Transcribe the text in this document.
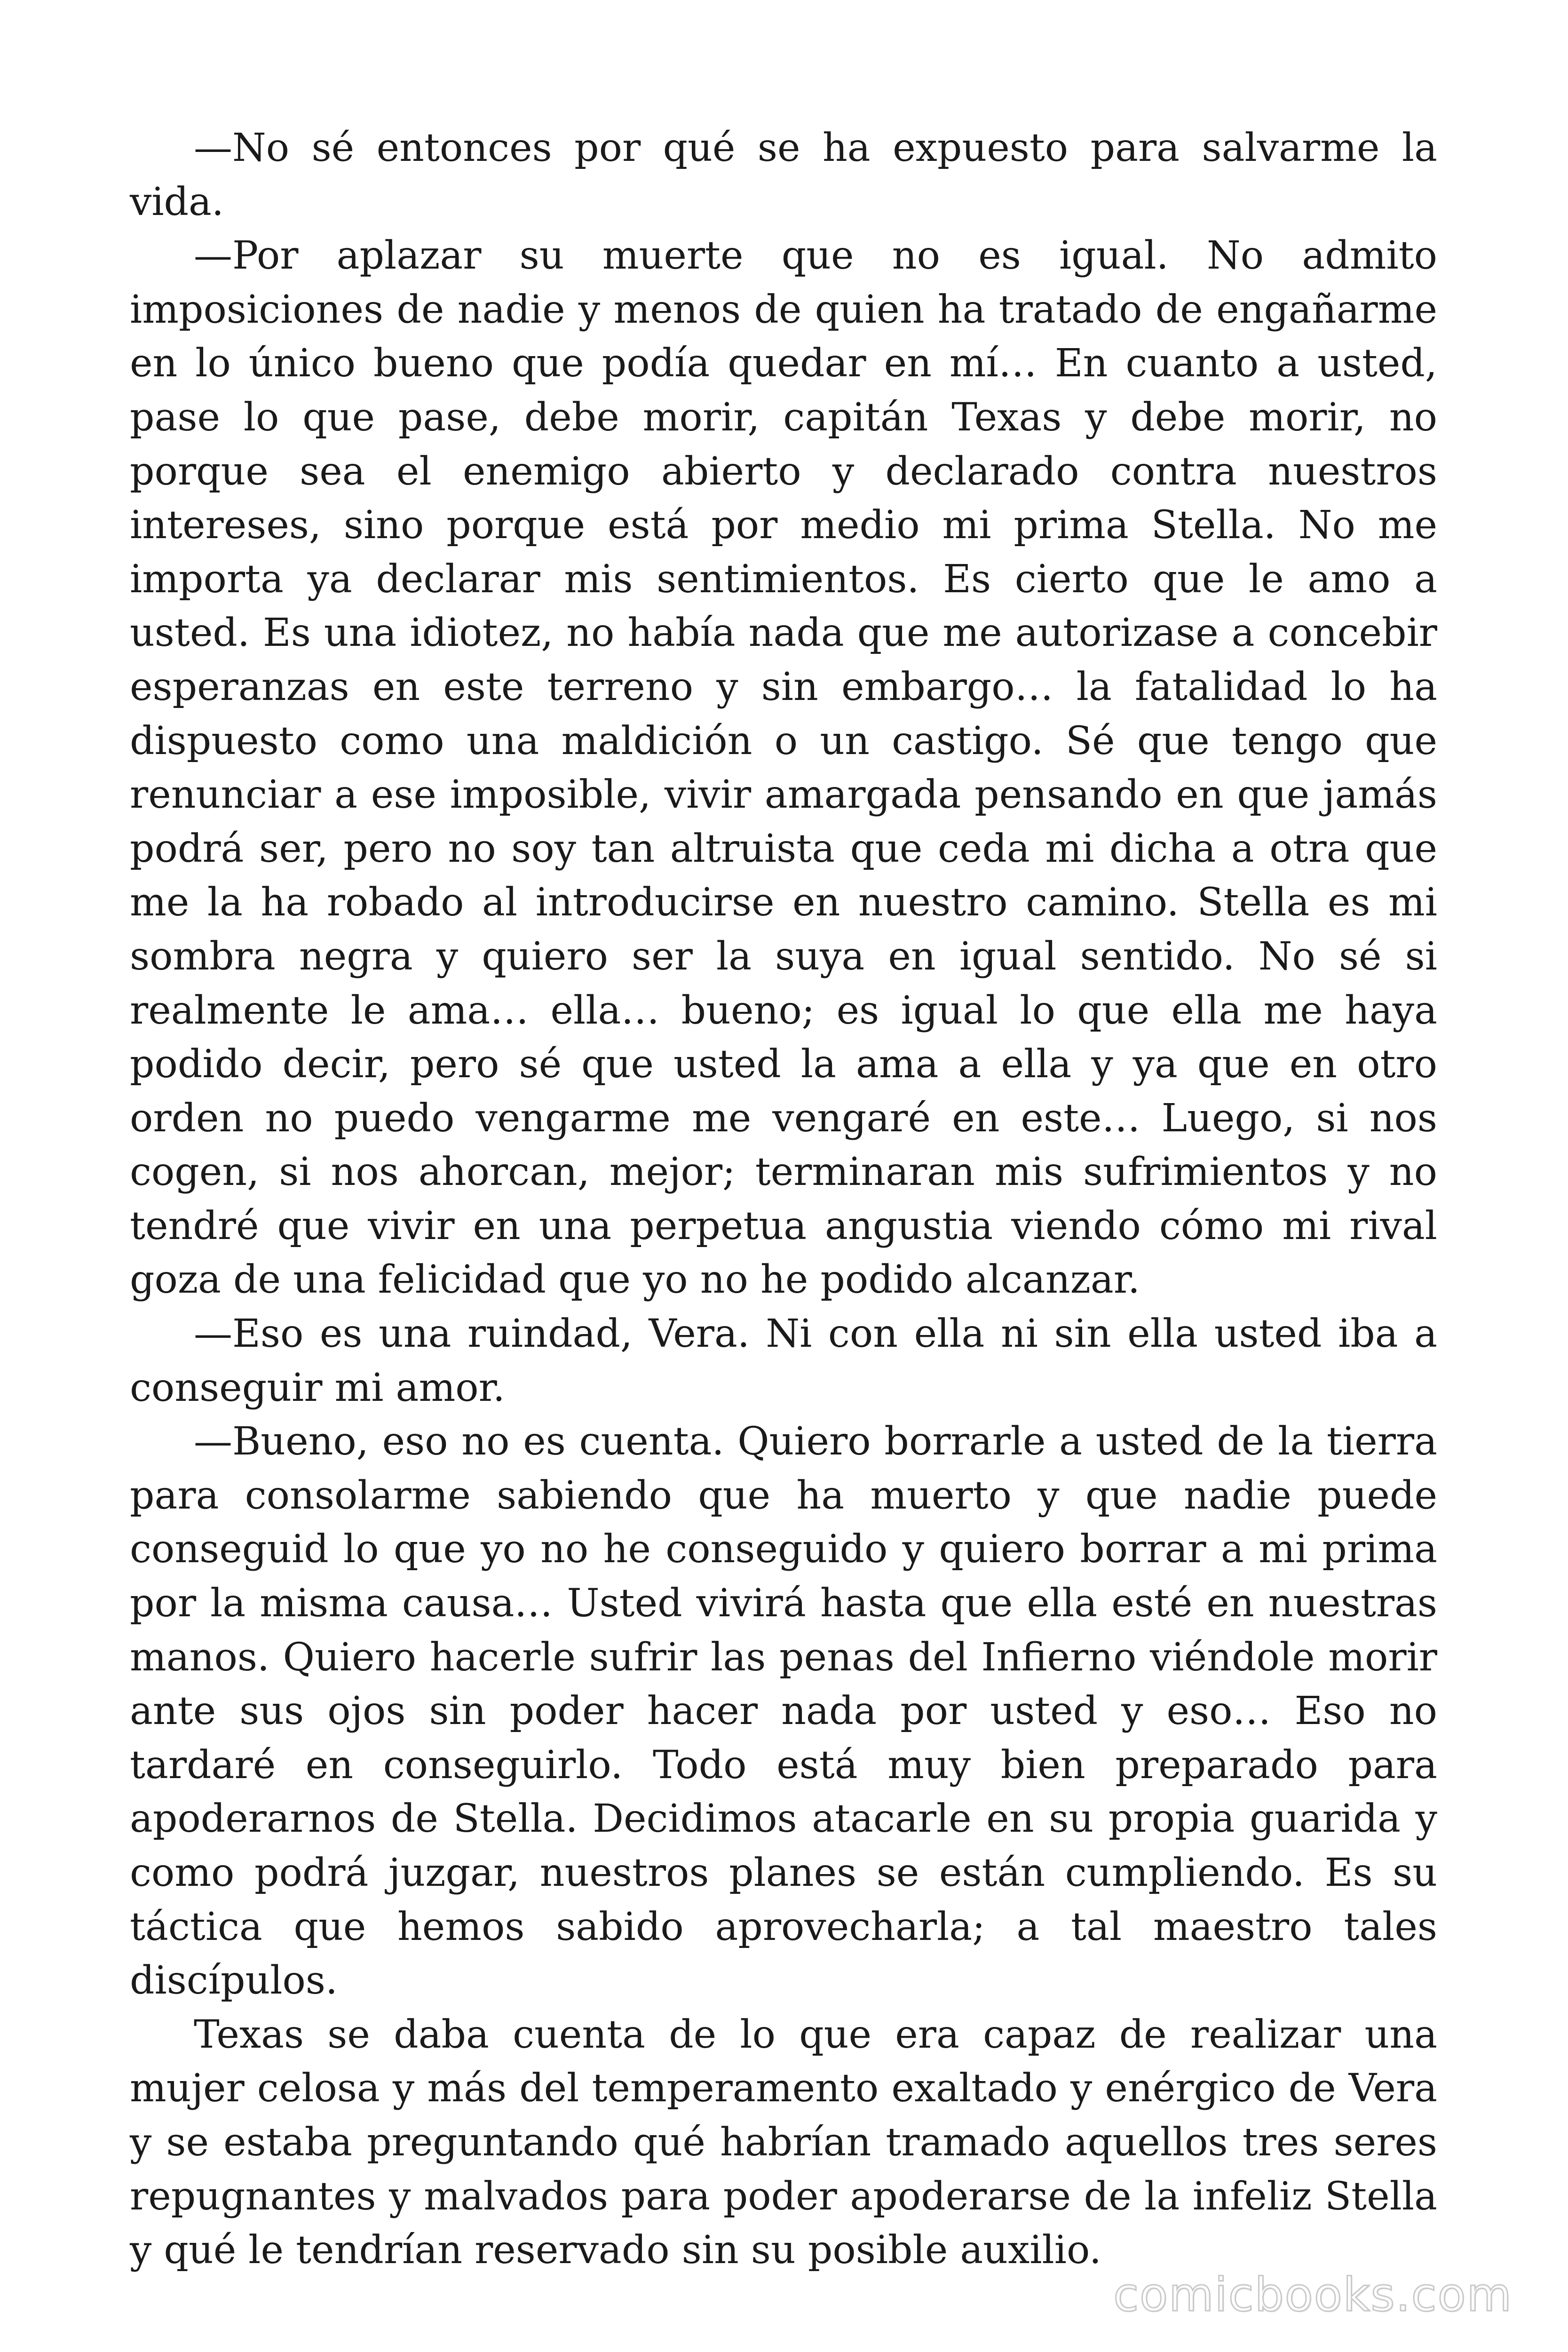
—No sé entonces por qué se ha expuesto para salvarme la vida.

—Por aplazar su muerte que no es igual. No admito imposiciones de nadie y menos de quien ha tratado de engañarme en lo único bueno que podía quedar en mí… En cuanto a usted, pase lo que pase, debe morir, capitán Texas y debe morir, no porque sea el enemigo abierto y declarado contra nuestros intereses, sino porque está por medio mi prima Stella. No me importa ya declarar mis sentimientos. Es cierto que le amo a usted. Es una idiotez, no había nada que me autorizase a concebir esperanzas en este terreno y sin embargo… la fatalidad lo ha dispuesto como una maldición o un castigo. Sé que tengo que renunciar a ese imposible, vivir amargada pensando en que jamás podrá ser, pero no soy tan altruista que ceda mi dicha a otra que me la ha robado al introducirse en nuestro camino. Stella es mi sombra negra y quiero ser la suya en igual sentido. No sé si realmente le ama… ella… bueno; es igual lo que ella me haya podido decir, pero sé que usted la ama a ella y ya que en otro orden no puedo vengarme me vengaré en este… Luego, si nos cogen, si nos ahorcan, mejor; terminaran mis sufrimientos y no tendré que vivir en una perpetua angustia viendo cómo mi rival goza de una felicidad que yo no he podido alcanzar.

—Eso es una ruindad, Vera. Ni con ella ni sin ella usted iba a conseguir mi amor.

—Bueno, eso no es cuenta. Quiero borrarle a usted de la tierra para consolarme sabiendo que ha muerto y que nadie puede conseguid lo que yo no he conseguido y quiero borrar a mi prima por la misma causa… Usted vivirá hasta que ella esté en nuestras manos. Quiero hacerle sufrir las penas del Infierno viéndole morir ante sus ojos sin poder hacer nada por usted y eso… Eso no tardaré en conseguirlo. Todo está muy bien preparado para apoderarnos de Stella. Decidimos atacarle en su propia guarida y como podrá juzgar, nuestros planes se están cumpliendo. Es su táctica que hemos sabido aprovecharla; a tal maestro tales discípulos.

Texas se daba cuenta de lo que era capaz de realizar una mujer celosa y más del temperamento exaltado y enérgico de Vera y se estaba preguntando qué habrían tramado aquellos tres seres repugnantes y malvados para poder apoderarse de la infeliz Stella y qué le tendrían reservado sin su posible auxilio.

comicbooks.com
